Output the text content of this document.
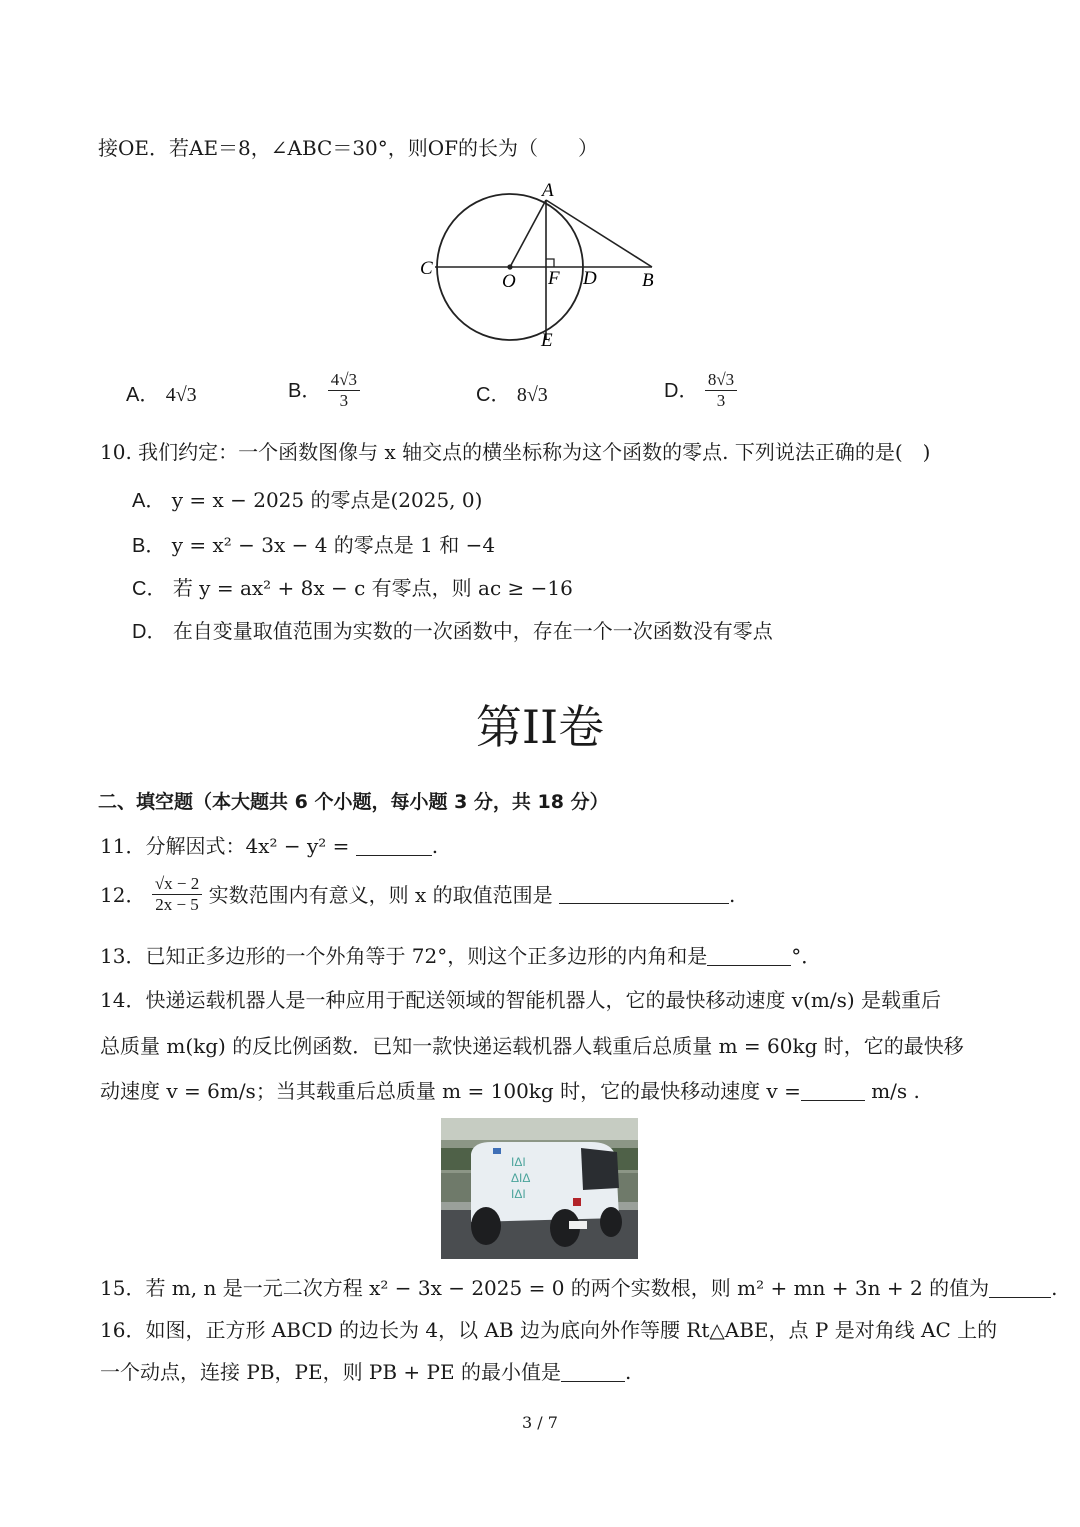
接OE．若AE＝8，∠ABC＝30°，则OF的长为（　　）
A
B
C	D
E
F
O
A． 4√3	B． $\frac{4√3}{3}$	C． 8√3	D． $\frac{8√3}{3}$
10. 我们约定：一个函数图像与 x 轴交点的横坐标称为这个函数的零点. 下列说法正确的是(　)
A． y = x − 2025 的零点是(2025, 0)
B． y = x² − 3x − 4 的零点是 1 和 −4
C． 若 y = ax² + 8x − c 有零点，则 ac ≥ −16
D． 在自变量取值范围为实数的一次函数中，存在一个一次函数没有零点
第II卷
二、填空题（本大题共 6 个小题，每小题 3 分，共 18 分）
11．分解因式：4x² − y² =	.
12． $\frac{√x - 2}{2x - 5}$ 实数范围内有意义，则 x 的取值范围是	.
13．已知正多边形的一个外角等于 72°，则这个正多边形的内角和是	°．
14．快递运载机器人是一种应用于配送领域的智能机器人，它的最快移动速度 v(m/s) 是载重后
总质量 m(kg) 的反比例函数．已知一款快递运载机器人载重后总质量 m = 60kg 时，它的最快移
动速度 v = 6m/s；当其载重后总质量 m = 100kg 时，它的最快移动速度 v =	m/s .
ΙΔΙ
ΔΙΔ
ΙΔΙ
15．若 m, n 是一元二次方程 x² − 3x − 2025 = 0 的两个实数根，则 m² + mn + 3n + 2 的值为	.
16．如图，正方形 ABCD 的边长为 4，以 AB 边为底向外作等腰 Rt△ABE，点 P 是对角线 AC 上的
一个动点，连接 PB，PE，则 PB + PE 的最小值是	.
3 / 7
